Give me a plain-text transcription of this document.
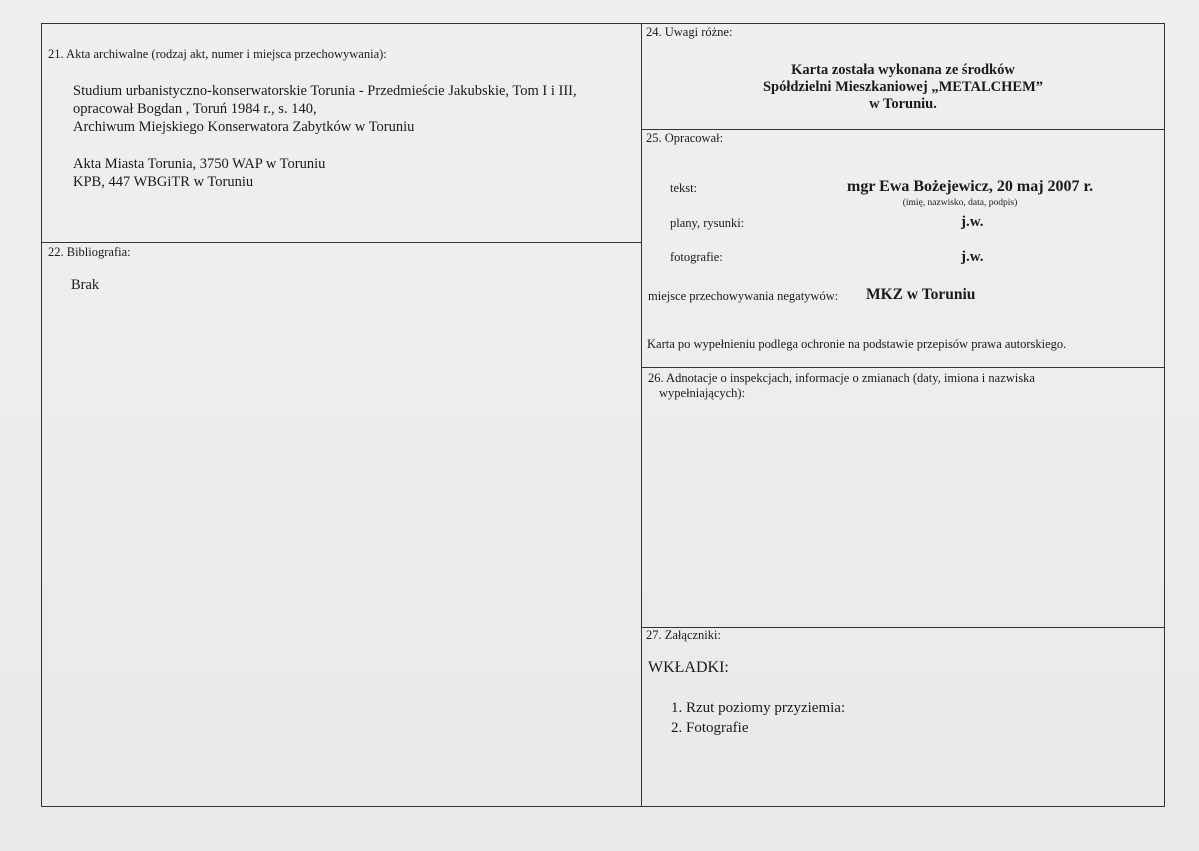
21. Akta archiwalne (rodzaj akt, numer i miejsca przechowywania):
Studium urbanistyczno-konserwatorskie Torunia - Przedmieście Jakubskie, Tom I i III,
opracował Bogdan , Toruń 1984 r., s. 140,
Archiwum Miejskiego Konserwatora Zabytków w Toruniu
Akta Miasta Torunia, 3750 WAP w Toruniu
KPB, 447 WBGiTR w Toruniu
22. Bibliografia:
Brak
24. Uwagi różne:
Karta została wykonana ze środków
Spółdzielni Mieszkaniowej „METALCHEM”
w Toruniu.
25. Opracował:
tekst:	mgr Ewa Bożejewicz, 20 maj 2007 r.
(imię, nazwisko, data, podpis)
plany, rysunki:	j.w.
fotografie:	j.w.
miejsce przechowywania negatywów: MKZ w Toruniu
Karta po wypełnieniu podlega ochronie na podstawie przepisów prawa autorskiego.
26. Adnotacje o inspekcjach, informacje o zmianach (daty, imiona i nazwiska
wypełniających):
27. Załączniki:
WKŁADKI:
1. Rzut poziomy przyziemia:
2. Fotografie
